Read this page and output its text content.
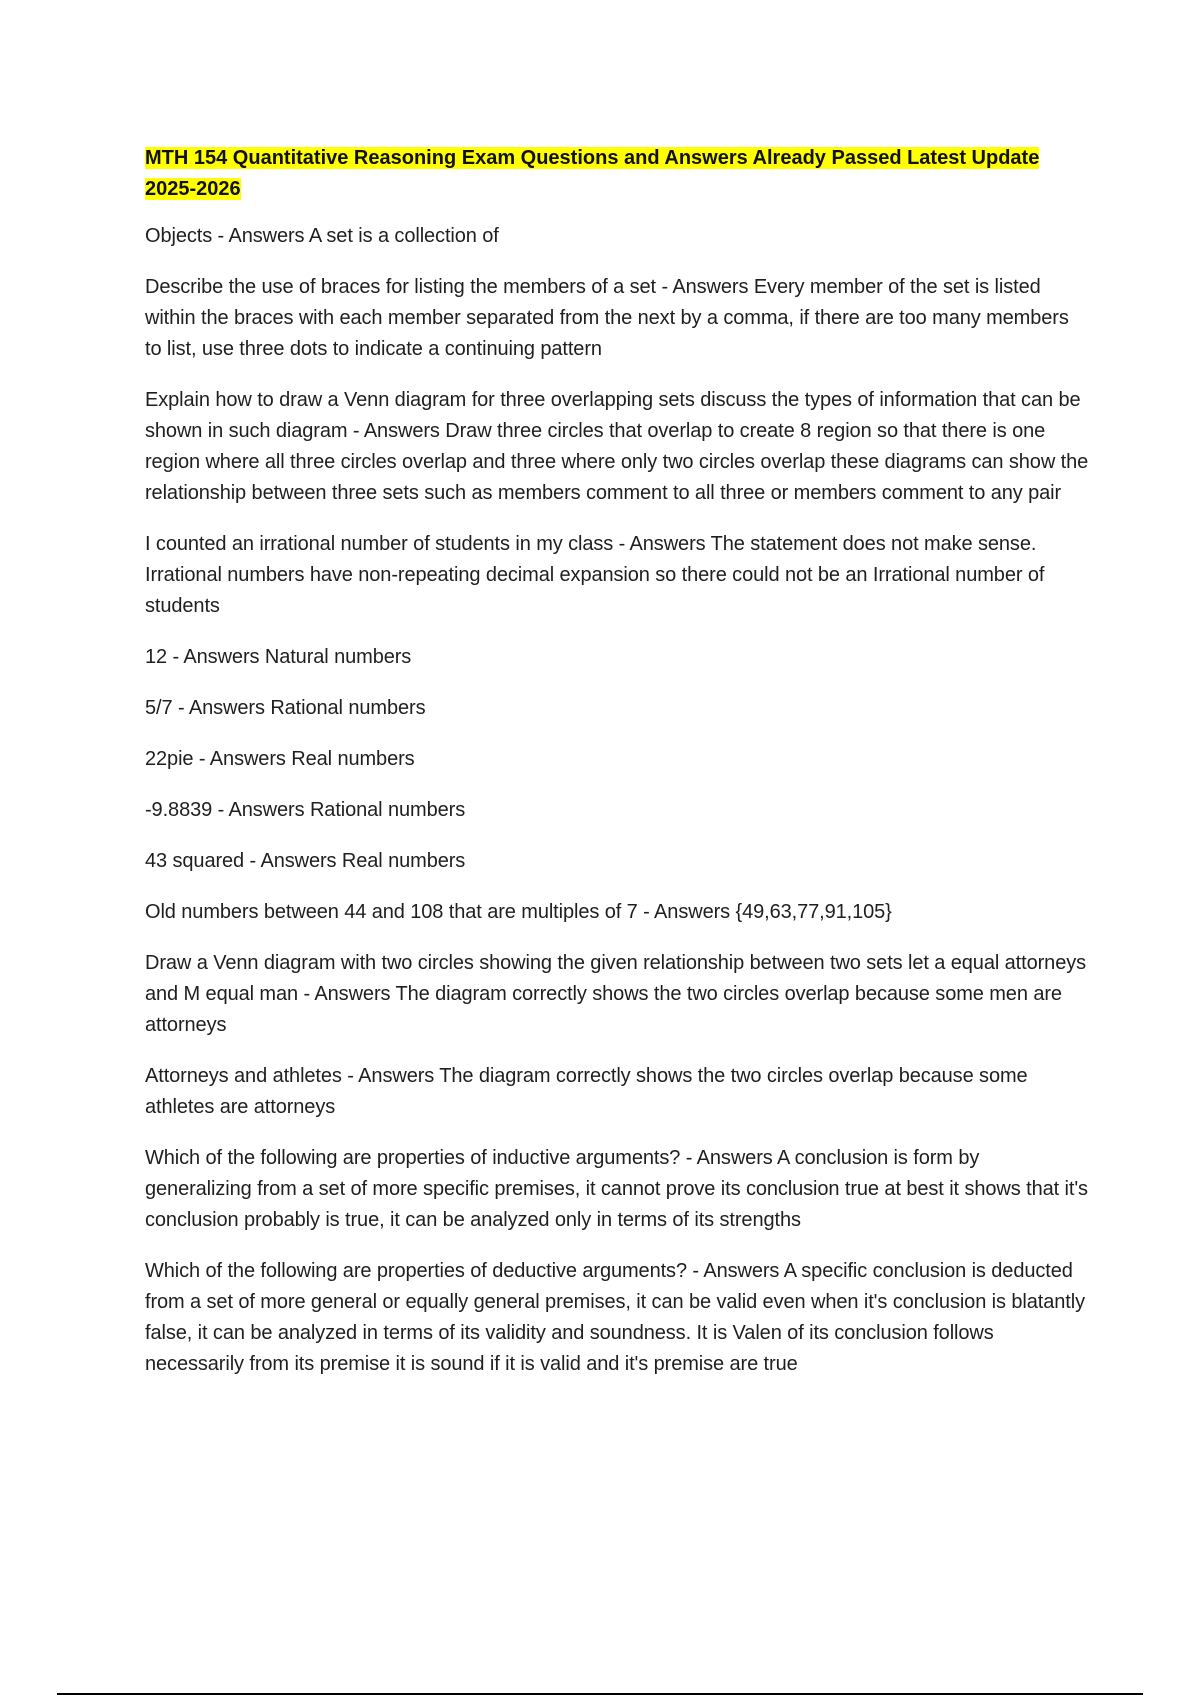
MTH 154 Quantitative Reasoning Exam Questions and Answers Already Passed Latest Update 2025-2026

Objects - Answers A set is a collection of

Describe the use of braces for listing the members of a set - Answers Every member of the set is listed within the braces with each member separated from the next by a comma, if there are too many members to list, use three dots to indicate a continuing pattern

Explain how to draw a Venn diagram for three overlapping sets discuss the types of information that can be shown in such diagram - Answers Draw three circles that overlap to create 8 region so that there is one region where all three circles overlap and three where only two circles overlap these diagrams can show the relationship between three sets such as members comment to all three or members comment to any pair

I counted an irrational number of students in my class - Answers The statement does not make sense. Irrational numbers have non-repeating decimal expansion so there could not be an Irrational number of students

12 - Answers Natural numbers

5/7 - Answers Rational numbers

22pie - Answers Real numbers

-9.8839 - Answers Rational numbers

43 squared - Answers Real numbers

Old numbers between 44 and 108 that are multiples of 7 - Answers {49,63,77,91,105}

Draw a Venn diagram with two circles showing the given relationship between two sets let a equal attorneys and M equal man - Answers The diagram correctly shows the two circles overlap because some men are attorneys

Attorneys and athletes - Answers The diagram correctly shows the two circles overlap because some athletes are attorneys

Which of the following are properties of inductive arguments? - Answers A conclusion is form by generalizing from a set of more specific premises, it cannot prove its conclusion true at best it shows that it's conclusion probably is true, it can be analyzed only in terms of its strengths

Which of the following are properties of deductive arguments? - Answers A specific conclusion is deducted from a set of more general or equally general premises, it can be valid even when it's conclusion is blatantly false, it can be analyzed in terms of its validity and soundness. It is Valen of its conclusion follows necessarily from its premise it is sound if it is valid and it's premise are true
